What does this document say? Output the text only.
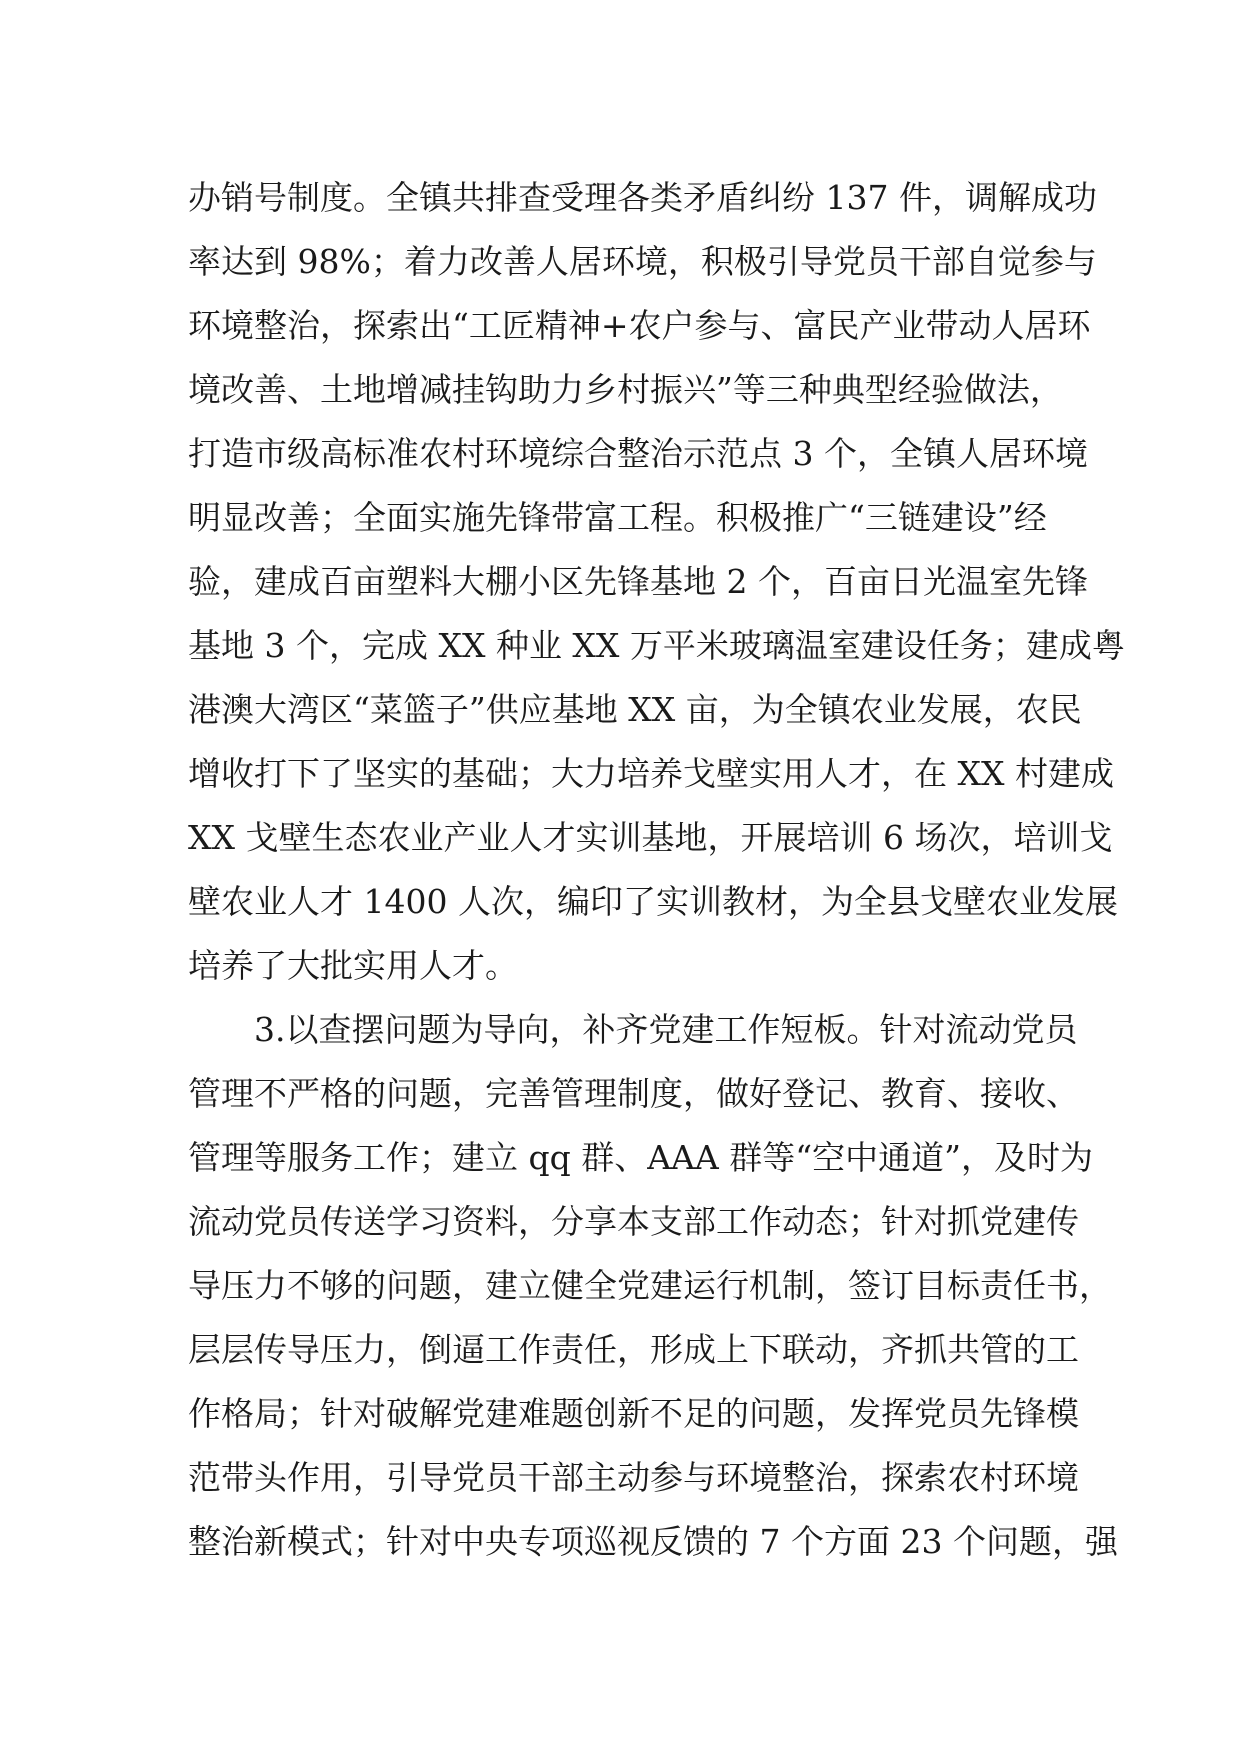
办销号制度。全镇共排查受理各类矛盾纠纷 137 件，调解成功
率达到 98%；着力改善人居环境，积极引导党员干部自觉参与
环境整治，探索出“工匠精神+农户参与、富民产业带动人居环
境改善、土地增减挂钩助力乡村振兴”等三种典型经验做法，
打造市级高标准农村环境综合整治示范点 3 个，全镇人居环境
明显改善；全面实施先锋带富工程。积极推广“三链建设”经
验，建成百亩塑料大棚小区先锋基地 2 个，百亩日光温室先锋
基地 3 个，完成 XX 种业 XX 万平米玻璃温室建设任务；建成粤
港澳大湾区“菜篮子”供应基地 XX 亩，为全镇农业发展，农民
增收打下了坚实的基础；大力培养戈壁实用人才，在 XX 村建成
XX 戈壁生态农业产业人才实训基地，开展培训 6 场次，培训戈
壁农业人才 1400 人次，编印了实训教材，为全县戈壁农业发展
培养了大批实用人才。
　　3.以查摆问题为导向，补齐党建工作短板。针对流动党员
管理不严格的问题，完善管理制度，做好登记、教育、接收、
管理等服务工作；建立 qq 群、AAA 群等“空中通道”，及时为
流动党员传送学习资料，分享本支部工作动态；针对抓党建传
导压力不够的问题，建立健全党建运行机制，签订目标责任书，
层层传导压力，倒逼工作责任，形成上下联动，齐抓共管的工
作格局；针对破解党建难题创新不足的问题，发挥党员先锋模
范带头作用，引导党员干部主动参与环境整治，探索农村环境
整治新模式；针对中央专项巡视反馈的 7 个方面 23 个问题，强
